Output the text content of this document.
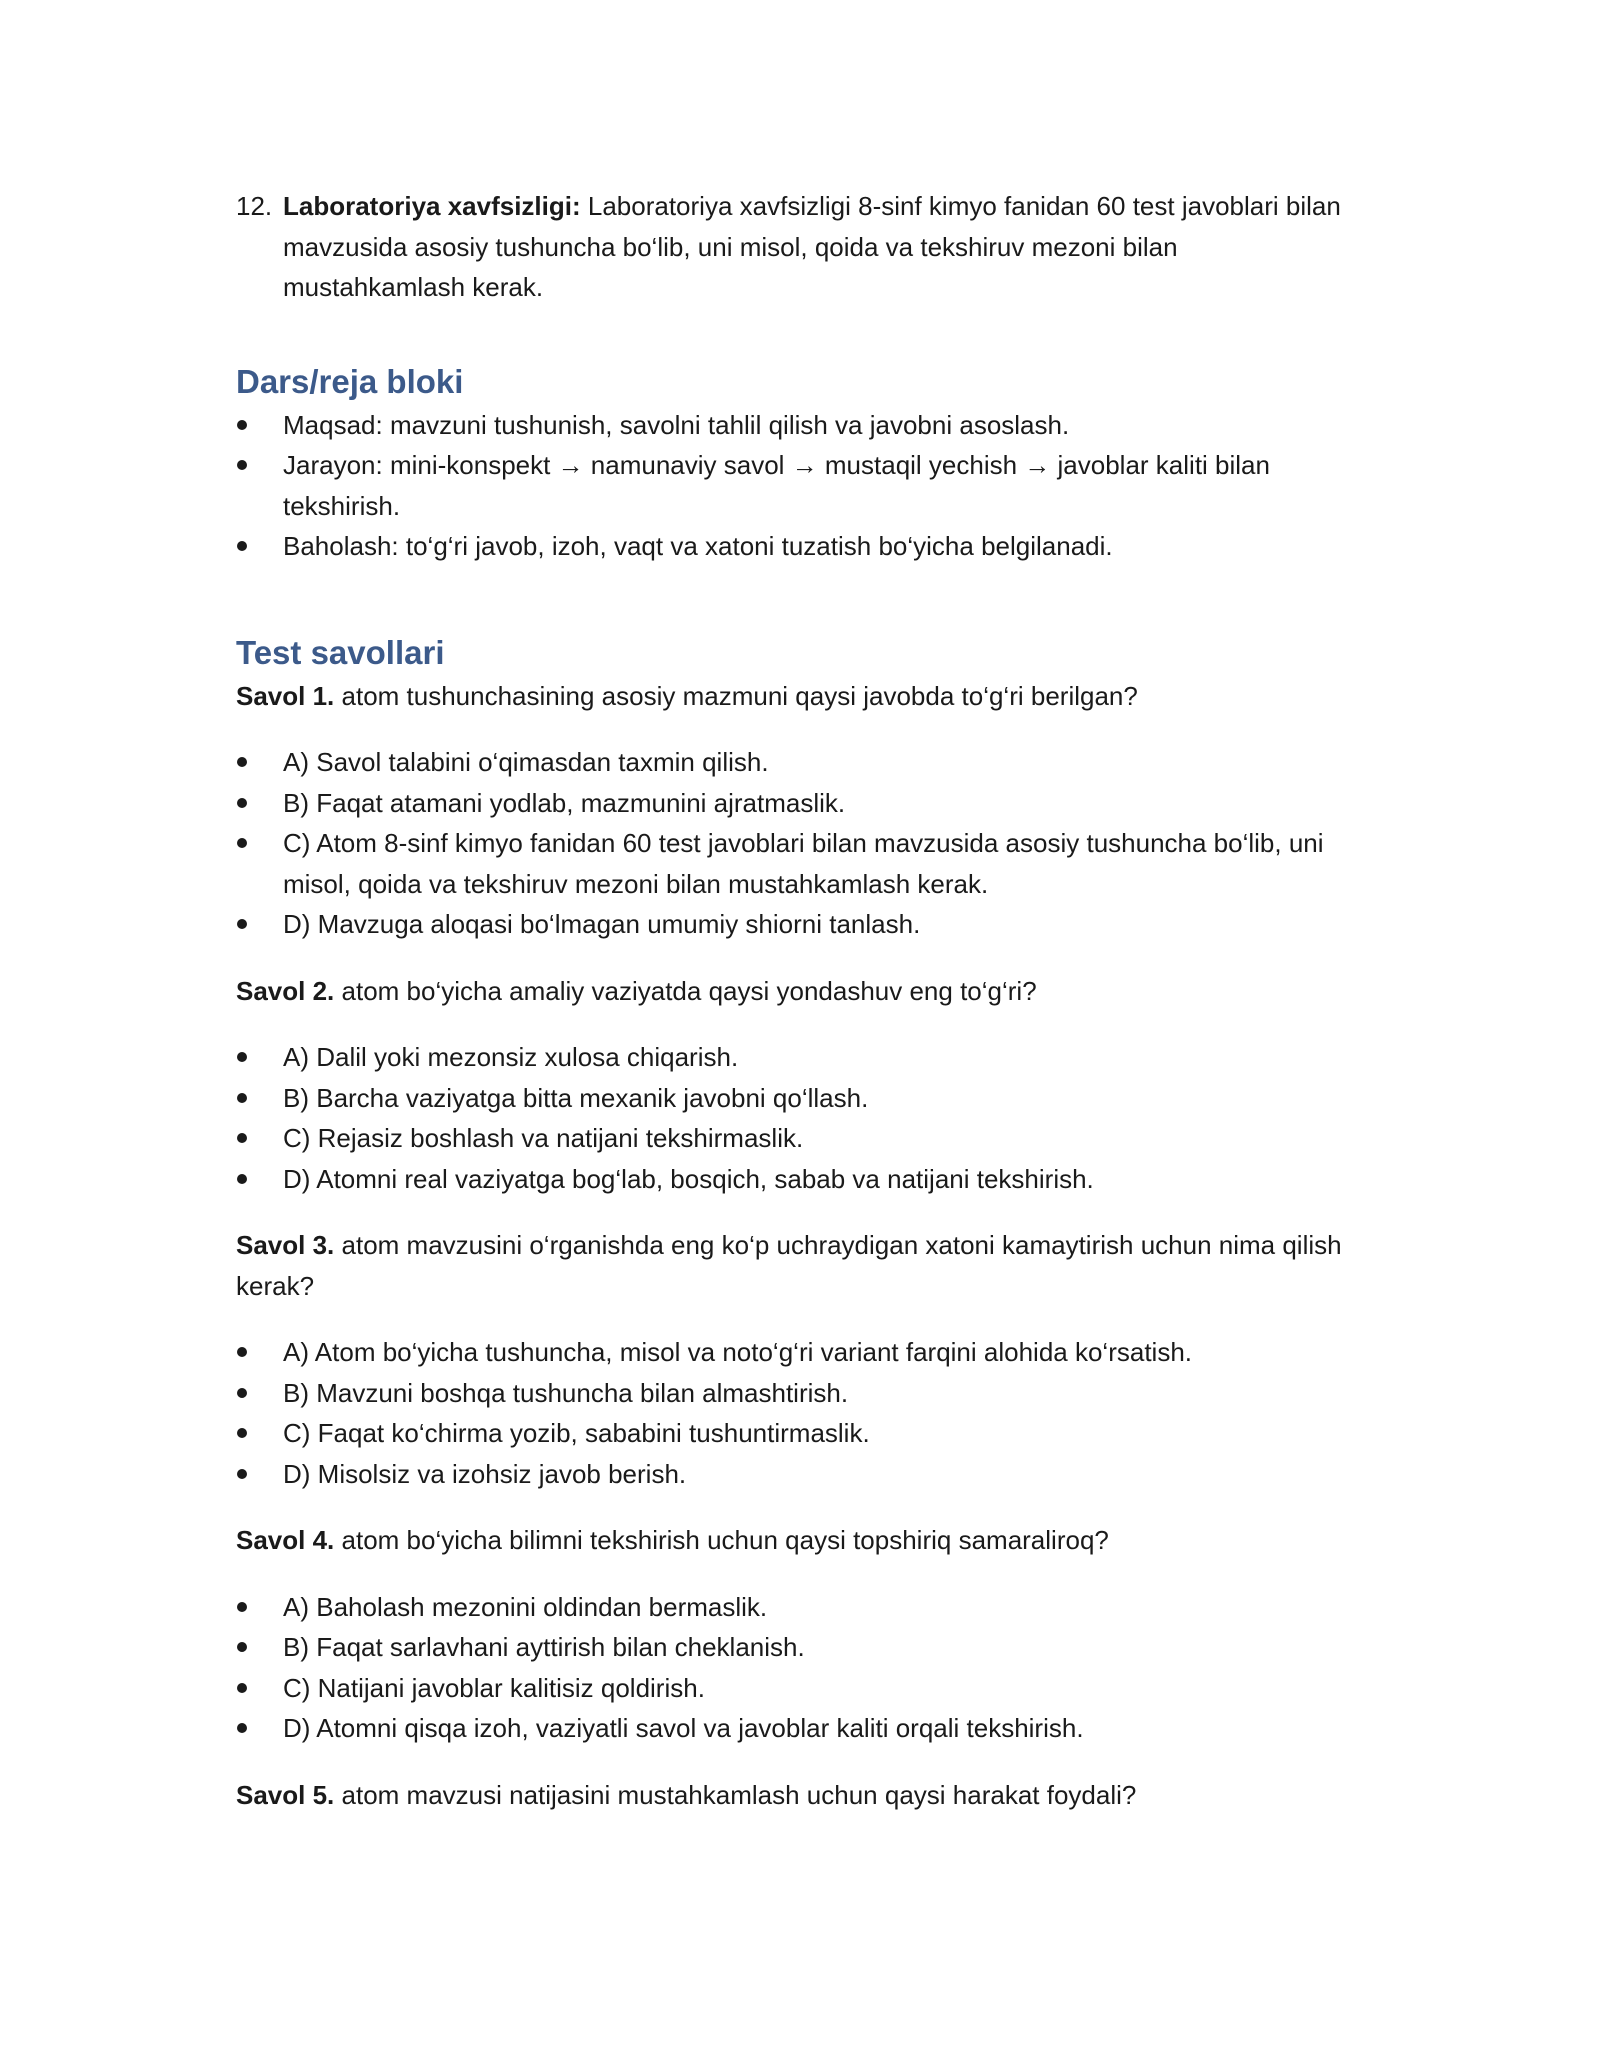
12. Laboratoriya xavfsizligi: Laboratoriya xavfsizligi 8-sinf kimyo fanidan 60 test javoblari bilan mavzusida asosiy tushuncha bo‘lib, uni misol, qoida va tekshiruv mezoni bilan mustahkamlash kerak.
Dars/reja bloki
Maqsad: mavzuni tushunish, savolni tahlil qilish va javobni asoslash.
Jarayon: mini-konspekt → namunaviy savol → mustaqil yechish → javoblar kaliti bilan tekshirish.
Baholash: to‘g‘ri javob, izoh, vaqt va xatoni tuzatish bo‘yicha belgilanadi.
Test savollari

Savol 1. atom tushunchasining asosiy mazmuni qaysi javobda to‘g‘ri berilgan?

A) Savol talabini o‘qimasdan taxmin qilish.
B) Faqat atamani yodlab, mazmunini ajratmaslik.
C) Atom 8-sinf kimyo fanidan 60 test javoblari bilan mavzusida asosiy tushuncha bo‘lib, uni misol, qoida va tekshiruv mezoni bilan mustahkamlash kerak.
D) Mavzuga aloqasi bo‘lmagan umumiy shiorni tanlash.

Savol 2. atom bo‘yicha amaliy vaziyatda qaysi yondashuv eng to‘g‘ri?

A) Dalil yoki mezonsiz xulosa chiqarish.
B) Barcha vaziyatga bitta mexanik javobni qo‘llash.
C) Rejasiz boshlash va natijani tekshirmaslik.
D) Atomni real vaziyatga bog‘lab, bosqich, sabab va natijani tekshirish.

Savol 3. atom mavzusini o‘rganishda eng ko‘p uchraydigan xatoni kamaytirish uchun nima qilish kerak?

A) Atom bo‘yicha tushuncha, misol va noto‘g‘ri variant farqini alohida ko‘rsatish.
B) Mavzuni boshqa tushuncha bilan almashtirish.
C) Faqat ko‘chirma yozib, sababini tushuntirmaslik.
D) Misolsiz va izohsiz javob berish.

Savol 4. atom bo‘yicha bilimni tekshirish uchun qaysi topshiriq samaraliroq?

A) Baholash mezonini oldindan bermaslik.
B) Faqat sarlavhani ayttirish bilan cheklanish.
C) Natijani javoblar kalitisiz qoldirish.
D) Atomni qisqa izoh, vaziyatli savol va javoblar kaliti orqali tekshirish.

Savol 5. atom mavzusi natijasini mustahkamlash uchun qaysi harakat foydali?
